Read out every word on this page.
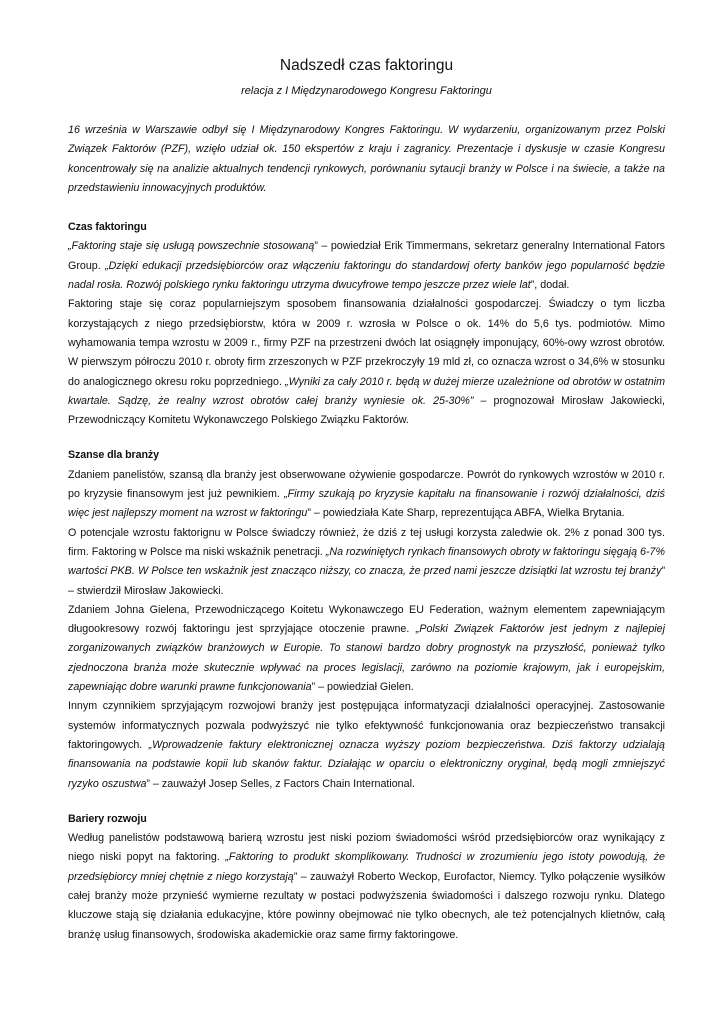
Nadszedł czas faktoringu
relacja z I Międzynarodowego Kongresu Faktoringu

16 września w Warszawie odbył się I Międzynarodowy Kongres Faktoringu. W wydarzeniu, organizowanym przez Polski Związek Faktorów (PZF), wzięło udział ok. 150 ekspertów z kraju i zagranicy. Prezentacje i dyskusje w czasie Kongresu koncentrowały się na analizie aktualnych tendencji rynkowych, porównaniu sytaucji branży w Polsce i na świecie, a także na przedstawieniu innowacyjnych produktów.

Czas faktoringu

„Faktoring staje się usługą powszechnie stosowaną” – powiedział Erik Timmermans, sekretarz generalny International Fators Group. „Dzięki edukacji przedsiębiorców oraz włączeniu faktoringu do standardowj oferty banków jego popularność będzie nadal rosła. Rozwój polskiego rynku faktoringu utrzyma dwucyfrowe tempo jeszcze przez wiele lat”, dodał.

Faktoring staje się coraz popularniejszym sposobem finansowania działalności gospodarczej. Świadczy o tym liczba korzystających z niego przedsiębiorstw, która w 2009 r. wzrosła w Polsce o ok. 14% do 5,6 tys. podmiotów. Mimo wyhamowania tempa wzrostu w 2009 r., firmy PZF na przestrzeni dwóch lat osiągnęły imponujący, 60%-owy wzrost obrotów. W pierwszym półroczu 2010 r. obroty firm zrzeszonych w PZF przekroczyły 19 mld zł, co oznacza wzrost o 34,6% w stosunku do analogicznego okresu roku poprzedniego. „Wyniki za cały 2010 r. będą w dużej mierze uzależnione od obrotów w ostatnim kwartale. Sądzę, że realny wzrost obrotów całej branży wyniesie ok. 25-30%” – prognozował Mirosław Jakowiecki, Przewodniczący Komitetu Wykonawczego Polskiego Związku Faktorów.

Szanse dla branży

Zdaniem panelistów, szansą dla branży jest obserwowane ożywienie gospodarcze. Powrót do rynkowych wzrostów w 2010 r. po kryzysie finansowym jest już pewnikiem. „Firmy szukają po kryzysie kapitału na finansowanie i rozwój działalności, dziś więc jest najlepszy moment na wzrost w faktoringu” – powiedziała Kate Sharp, reprezentująca ABFA, Wielka Brytania.

O potencjale wzrostu faktorignu w Polsce świadczy również, że dziś z tej usługi korzysta zaledwie ok. 2% z ponad 300 tys. firm. Faktoring w Polsce ma niski wskaźnik penetracji. „Na rozwiniętych rynkach finansowych obroty w faktoringu sięgają 6-7% wartości PKB. W Polsce ten wskaźnik jest znacząco niższy, co znacza, że przed nami jeszcze dzisiątki lat wzrostu tej branży” – stwierdził Mirosław Jakowiecki.

Zdaniem Johna Gielena, Przewodniczącego Koitetu Wykonawczego EU Federation, ważnym elementem zapewniającym długookresowy rozwój faktoringu jest sprzyjające otoczenie prawne. „Polski Związek Faktorów jest jednym z najlepiej zorganizowanych związków branżowych w Europie. To stanowi bardzo dobry prognostyk na przyszłość, ponieważ tylko zjednoczona branża może skutecznie wpływać na proces legislacji, zarówno na poziomie krajowym, jak i europejskim, zapewniając dobre warunki prawne funkcjonowania” – powiedział Gielen.

Innym czynnikiem sprzyjającym rozwojowi branży jest postępująca informatyzacji działalności operacyjnej. Zastosowanie systemów informatycznych pozwala podwyższyć nie tylko efektywność funkcjonowania oraz bezpieczeństwo transakcji faktoringowych. „Wprowadzenie faktury elektronicznej oznacza wyższy poziom bezpieczeństwa. Dziś faktorzy udzialają finansowania na podstawie kopii lub skanów faktur. Działając w oparciu o elektroniczny oryginał, będą mogli zmniejszyć ryzyko oszustwa” – zauważył Josep Selles, z Factors Chain International.

Bariery rozwoju

Według panelistów podstawową barierą wzrostu jest niski poziom świadomości wśród przedsiębiorców oraz wynikający z niego niski popyt na faktoring. „Faktoring to produkt skomplikowany. Trudności w zrozumieniu jego istoty powodują, że przedsiębiorcy mniej chętnie z niego korzystają” – zauważył Roberto Weckop, Eurofactor, Niemcy. Tylko połączenie wysiłków całej branży może przynieść wymierne rezultaty w postaci podwyższenia świadomości i dalszego rozwoju rynku. Dlatego kluczowe stają się działania edukacyjne, które powinny obejmować nie tylko obecnych, ale też potencjalnych klietnów, całą branżę usług finansowych, środowiska akademickie oraz same firmy faktoringowe.
